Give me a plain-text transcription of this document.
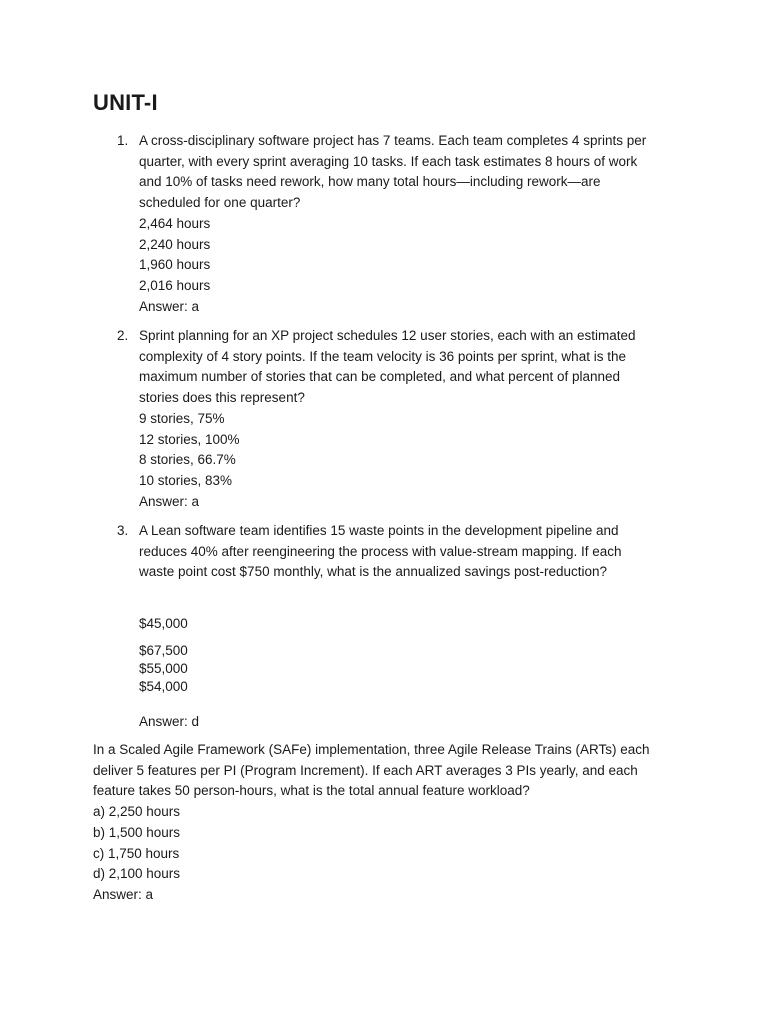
UNIT-I
1. A cross-disciplinary software project has 7 teams. Each team completes 4 sprints per
quarter, with every sprint averaging 10 tasks. If each task estimates 8 hours of work
and 10% of tasks need rework, how many total hours—including rework—are
scheduled for one quarter?
2,464 hours
2,240 hours
1,960 hours
2,016 hours
Answer: a
2. Sprint planning for an XP project schedules 12 user stories, each with an estimated
complexity of 4 story points. If the team velocity is 36 points per sprint, what is the
maximum number of stories that can be completed, and what percent of planned
stories does this represent?
9 stories, 75%
12 stories, 100%
8 stories, 66.7%
10 stories, 83%
Answer: a
3. A Lean software team identifies 15 waste points in the development pipeline and
reduces 40% after reengineering the process with value-stream mapping. If each
waste point cost $750 monthly, what is the annualized savings post-reduction?
$45,000
$67,500
$55,000
$54,000
Answer: d
In a Scaled Agile Framework (SAFe) implementation, three Agile Release Trains (ARTs) each
deliver 5 features per PI (Program Increment). If each ART averages 3 PIs yearly, and each
feature takes 50 person-hours, what is the total annual feature workload?
a) 2,250 hours
b) 1,500 hours
c) 1,750 hours
d) 2,100 hours
Answer: a
